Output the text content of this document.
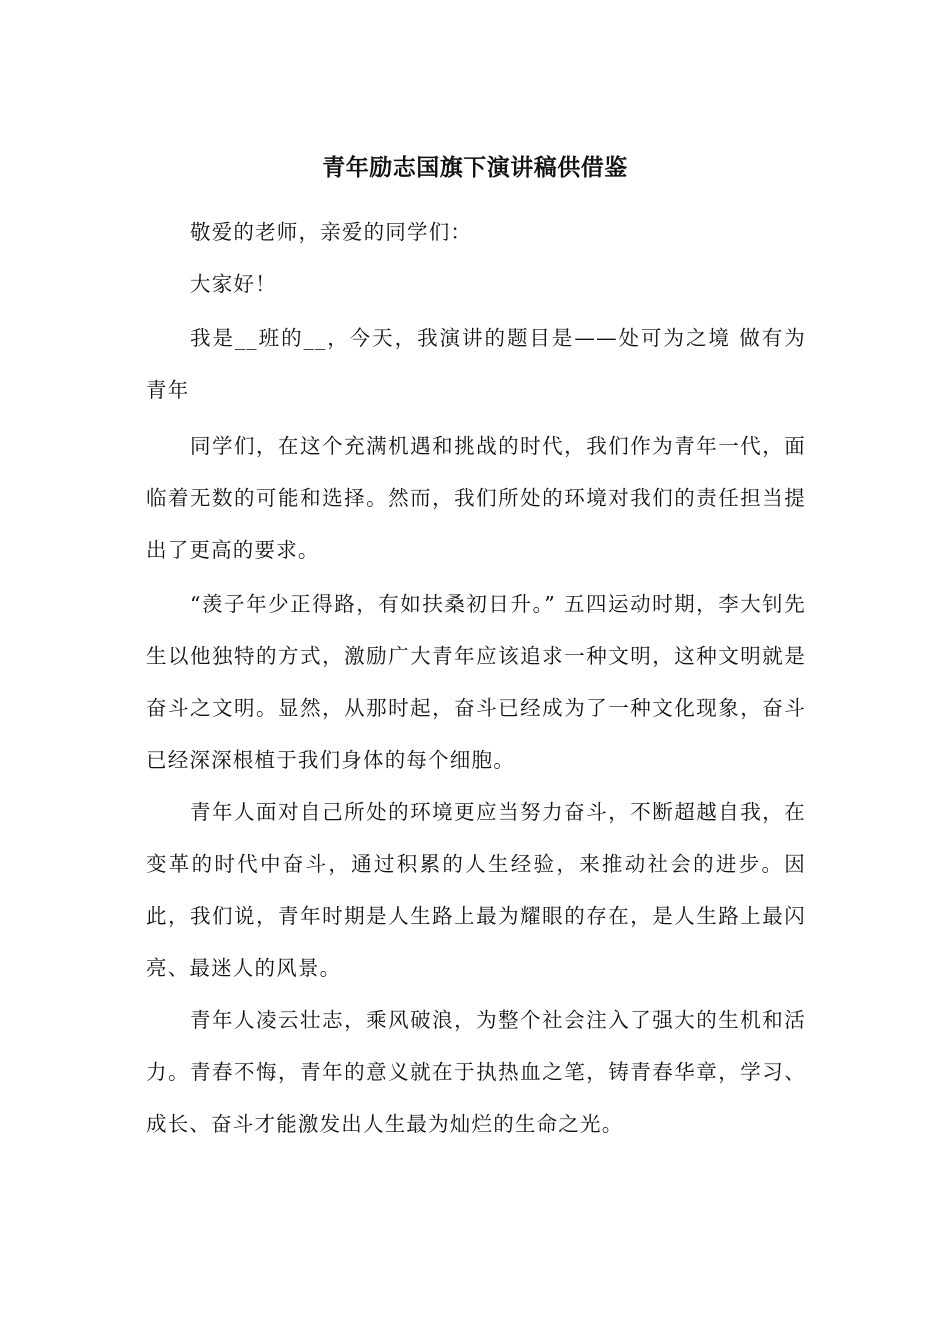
青年励志国旗下演讲稿供借鉴

敬爱的老师，亲爱的同学们：

大家好！

我是__班的__，今天，我演讲的题目是——处可为之境 做有为青年

同学们，在这个充满机遇和挑战的时代，我们作为青年一代，面临着无数的可能和选择。然而，我们所处的环境对我们的责任担当提出了更高的要求。

“羡子年少正得路，有如扶桑初日升。” 五四运动时期，李大钊先生以他独特的方式，激励广大青年应该追求一种文明，这种文明就是奋斗之文明。显然，从那时起，奋斗已经成为了一种文化现象，奋斗已经深深根植于我们身体的每个细胞。

青年人面对自己所处的环境更应当努力奋斗，不断超越自我，在变革的时代中奋斗，通过积累的人生经验，来推动社会的进步。因此，我们说，青年时期是人生路上最为耀眼的存在，是人生路上最闪亮、最迷人的风景。

青年人凌云壮志，乘风破浪，为整个社会注入了强大的生机和活力。青春不悔，青年的意义就在于执热血之笔，铸青春华章，学习、成长、奋斗才能激发出人生最为灿烂的生命之光。
